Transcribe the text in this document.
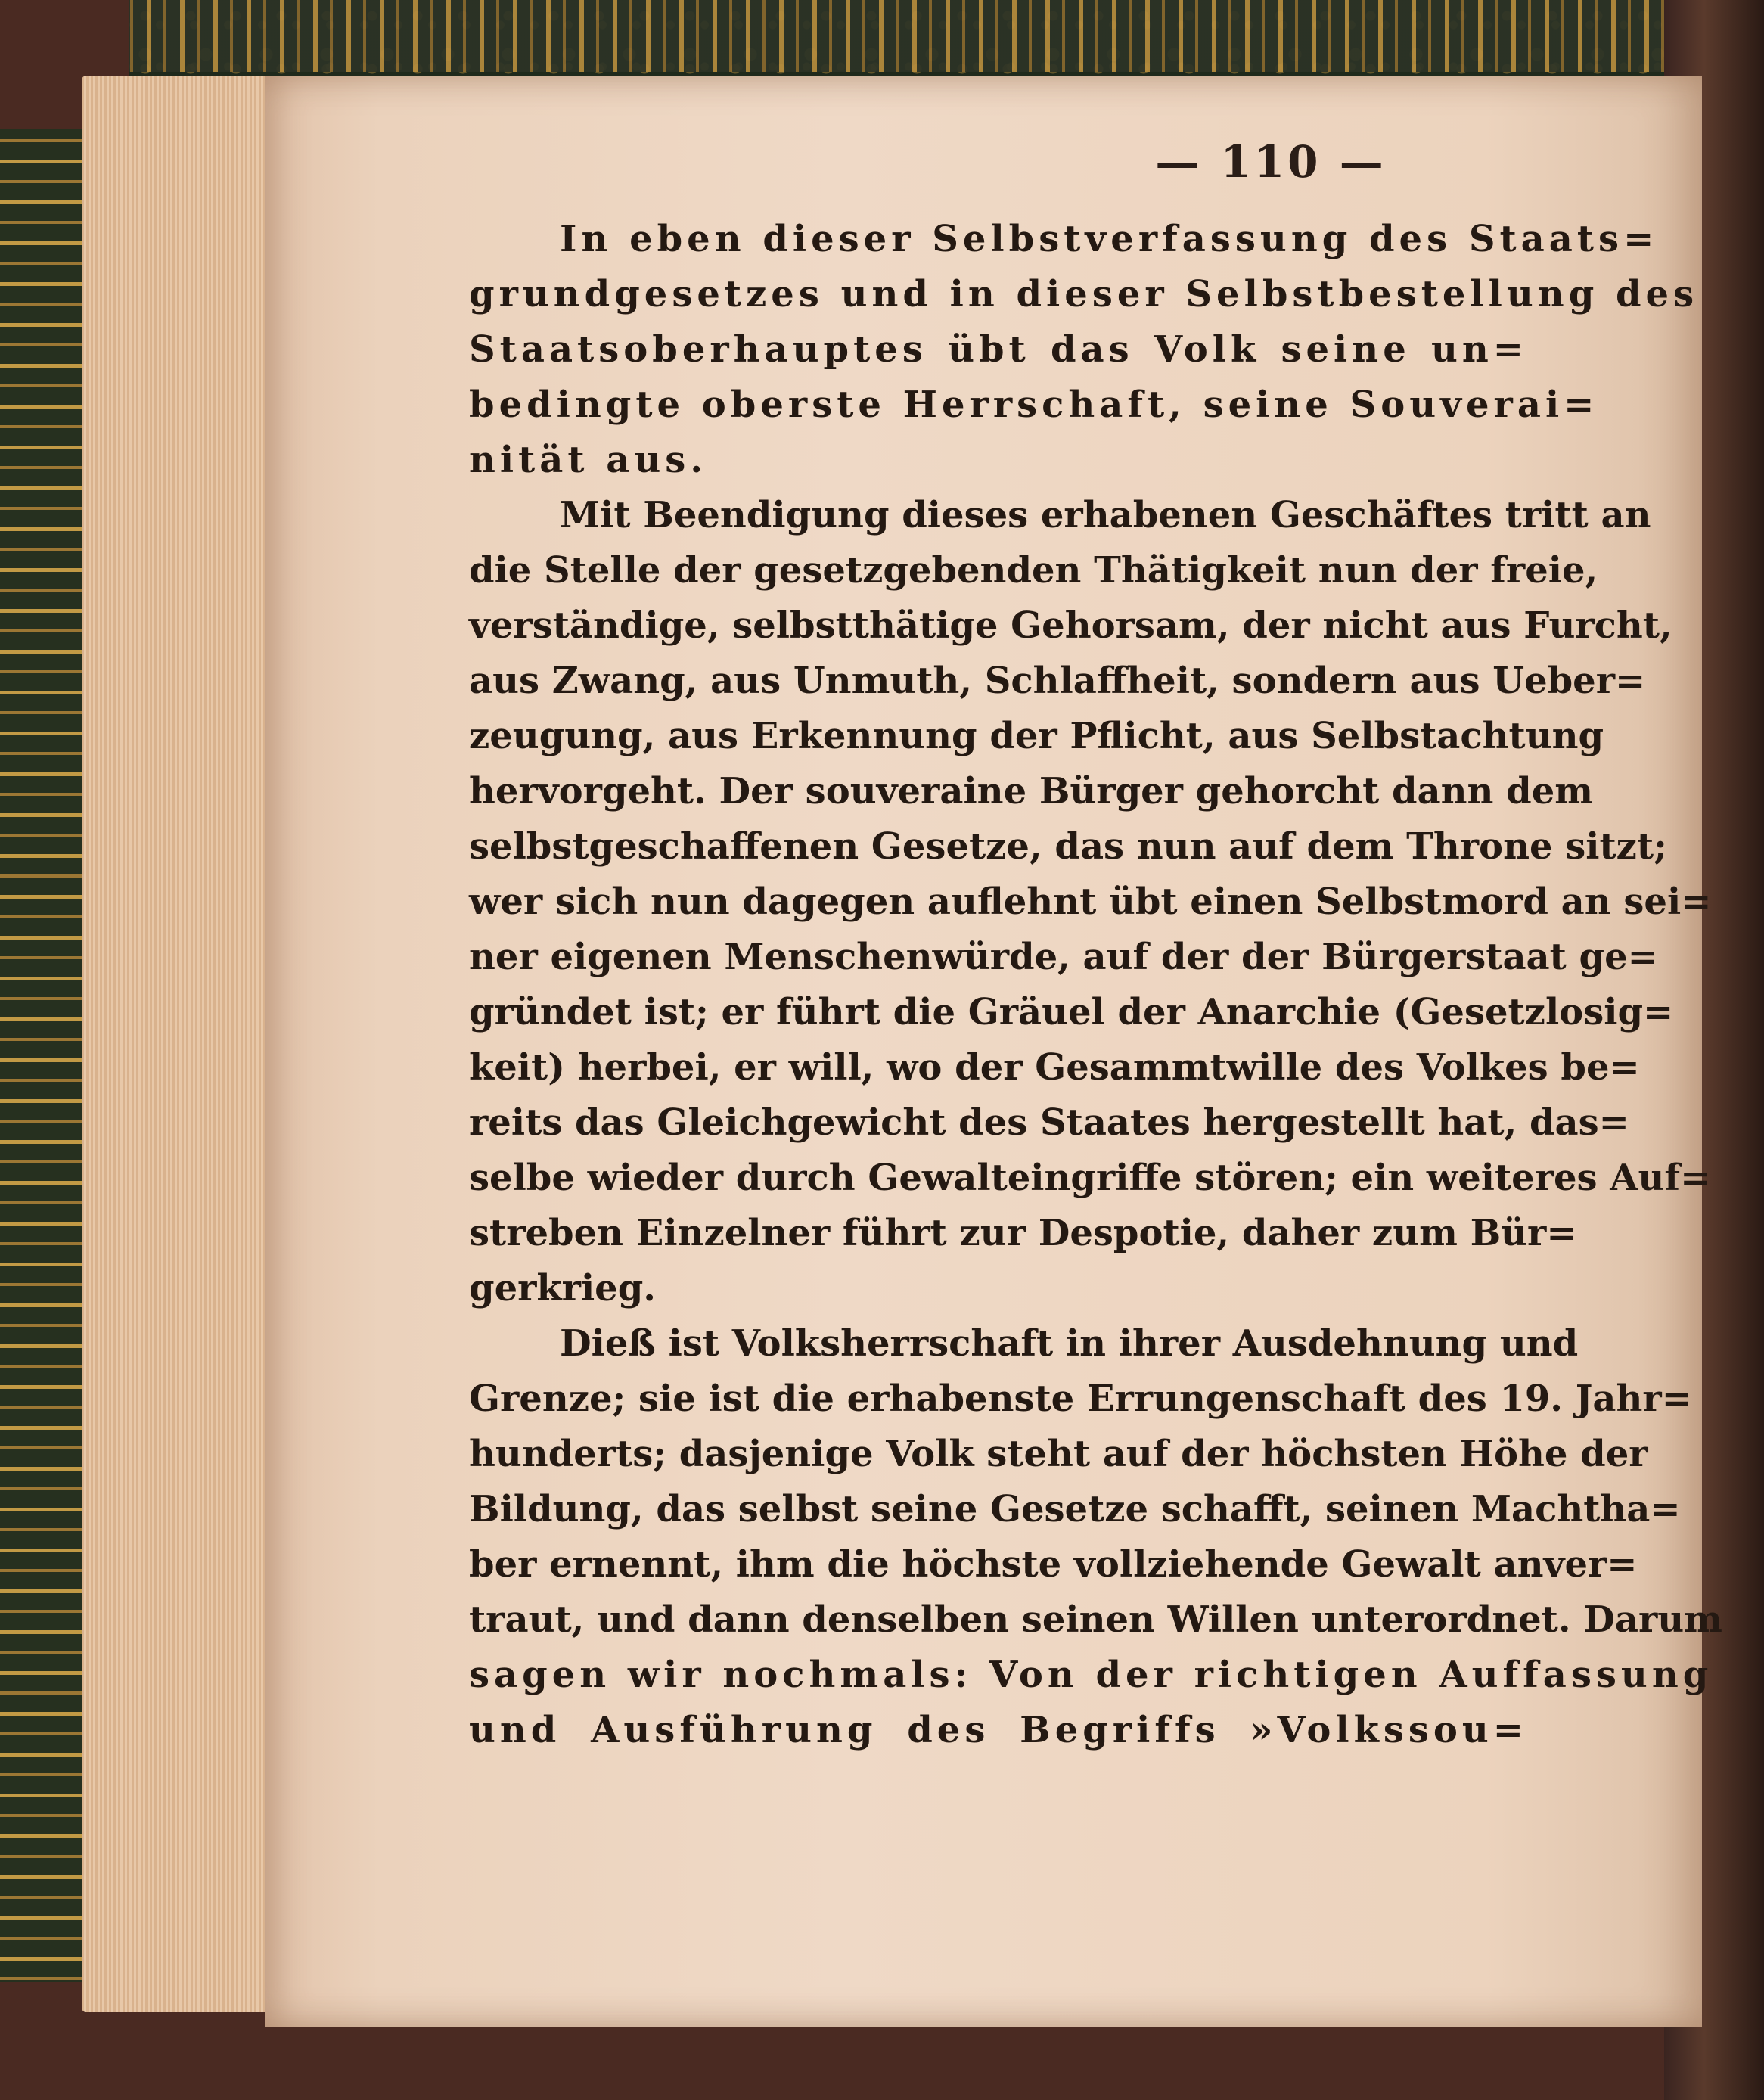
— 110 —
In eben dieser Selbstverfassung des Staats=
grundgesetzes und in dieser Selbstbestellung des
Staatsoberhauptes übt das Volk seine un=
bedingte oberste Herrschaft, seine Souverai=
nität aus.
Mit Beendigung dieses erhabenen Geschäftes tritt an
die Stelle der gesetzgebenden Thätigkeit nun der freie,
verständige, selbstthätige Gehorsam, der nicht aus Furcht,
aus Zwang, aus Unmuth, Schlaffheit, sondern aus Ueber=
zeugung, aus Erkennung der Pflicht, aus Selbstachtung
hervorgeht. Der souveraine Bürger gehorcht dann dem
selbstgeschaffenen Gesetze, das nun auf dem Throne sitzt;
wer sich nun dagegen auflehnt übt einen Selbstmord an sei=
ner eigenen Menschenwürde, auf der der Bürgerstaat ge=
gründet ist; er führt die Gräuel der Anarchie (Gesetzlosig=
keit) herbei, er will, wo der Gesammtwille des Volkes be=
reits das Gleichgewicht des Staates hergestellt hat, das=
selbe wieder durch Gewalteingriffe stören; ein weiteres Auf=
streben Einzelner führt zur Despotie, daher zum Bür=
gerkrieg.
Dieß ist Volksherrschaft in ihrer Ausdehnung und
Grenze; sie ist die erhabenste Errungenschaft des 19. Jahr=
hunderts; dasjenige Volk steht auf der höchsten Höhe der
Bildung, das selbst seine Gesetze schafft, seinen Machtha=
ber ernennt, ihm die höchste vollziehende Gewalt anver=
traut, und dann denselben seinen Willen unterordnet. Darum
sagen wir nochmals: Von der richtigen Auffassung
und Ausführung des Begriffs »Volkssou=
